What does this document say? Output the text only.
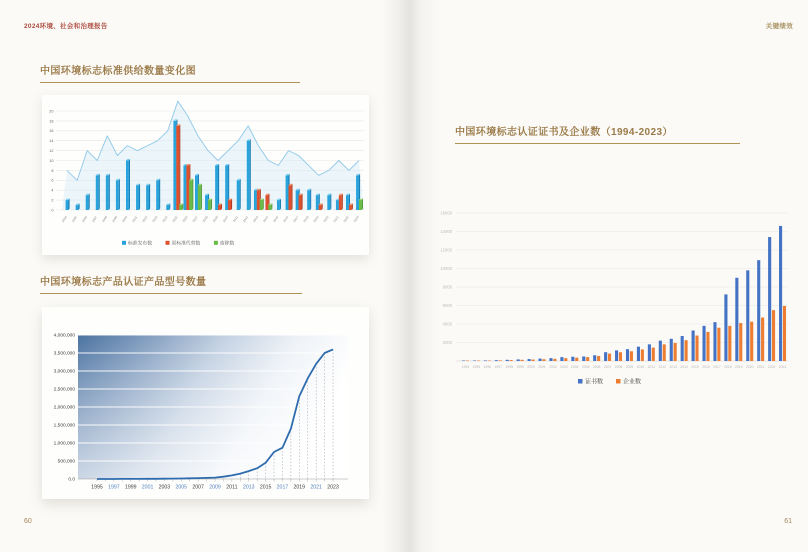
2024环境、社会和治理报告
中国环境标志标准供给数量变化图
0
2
4
6
8
10
12
14
16
18
20
1994 1995 1996 1997 1998 1999 2000 2001 2002 2003 2004 2005 2006 2007 2008 2009 2010 2011 2012 2013 2014 2015 2016 2017 2018 2019 2020 2021 2022 2023
标准发布数	原标准代替数	废除数
中国环境标志产品认证产品型号数量
0.0
500,000
1,000,000
1,500,000
2,000,000
2,500,000
3,000,000
3,500,000
4,000,000
1995 1997 1999 2001 2003 2005 2007 2009 2011 2013 2015 2017 2019 2021 2023
60
关键绩效
中国环境标志认证证书及企业数（1994-2023）
2000
4000
6000
8000
10000
12000
14000
16000
1994 1995 1996 1997 1998 1999 2000 2001 2002 2003 2004 2005 2006 2007 2008 2009 2010 2011 2012 2013 2014 2015 2016 2017 2018 2019 2020 2021 2022 2023
证书数	企业数
61
